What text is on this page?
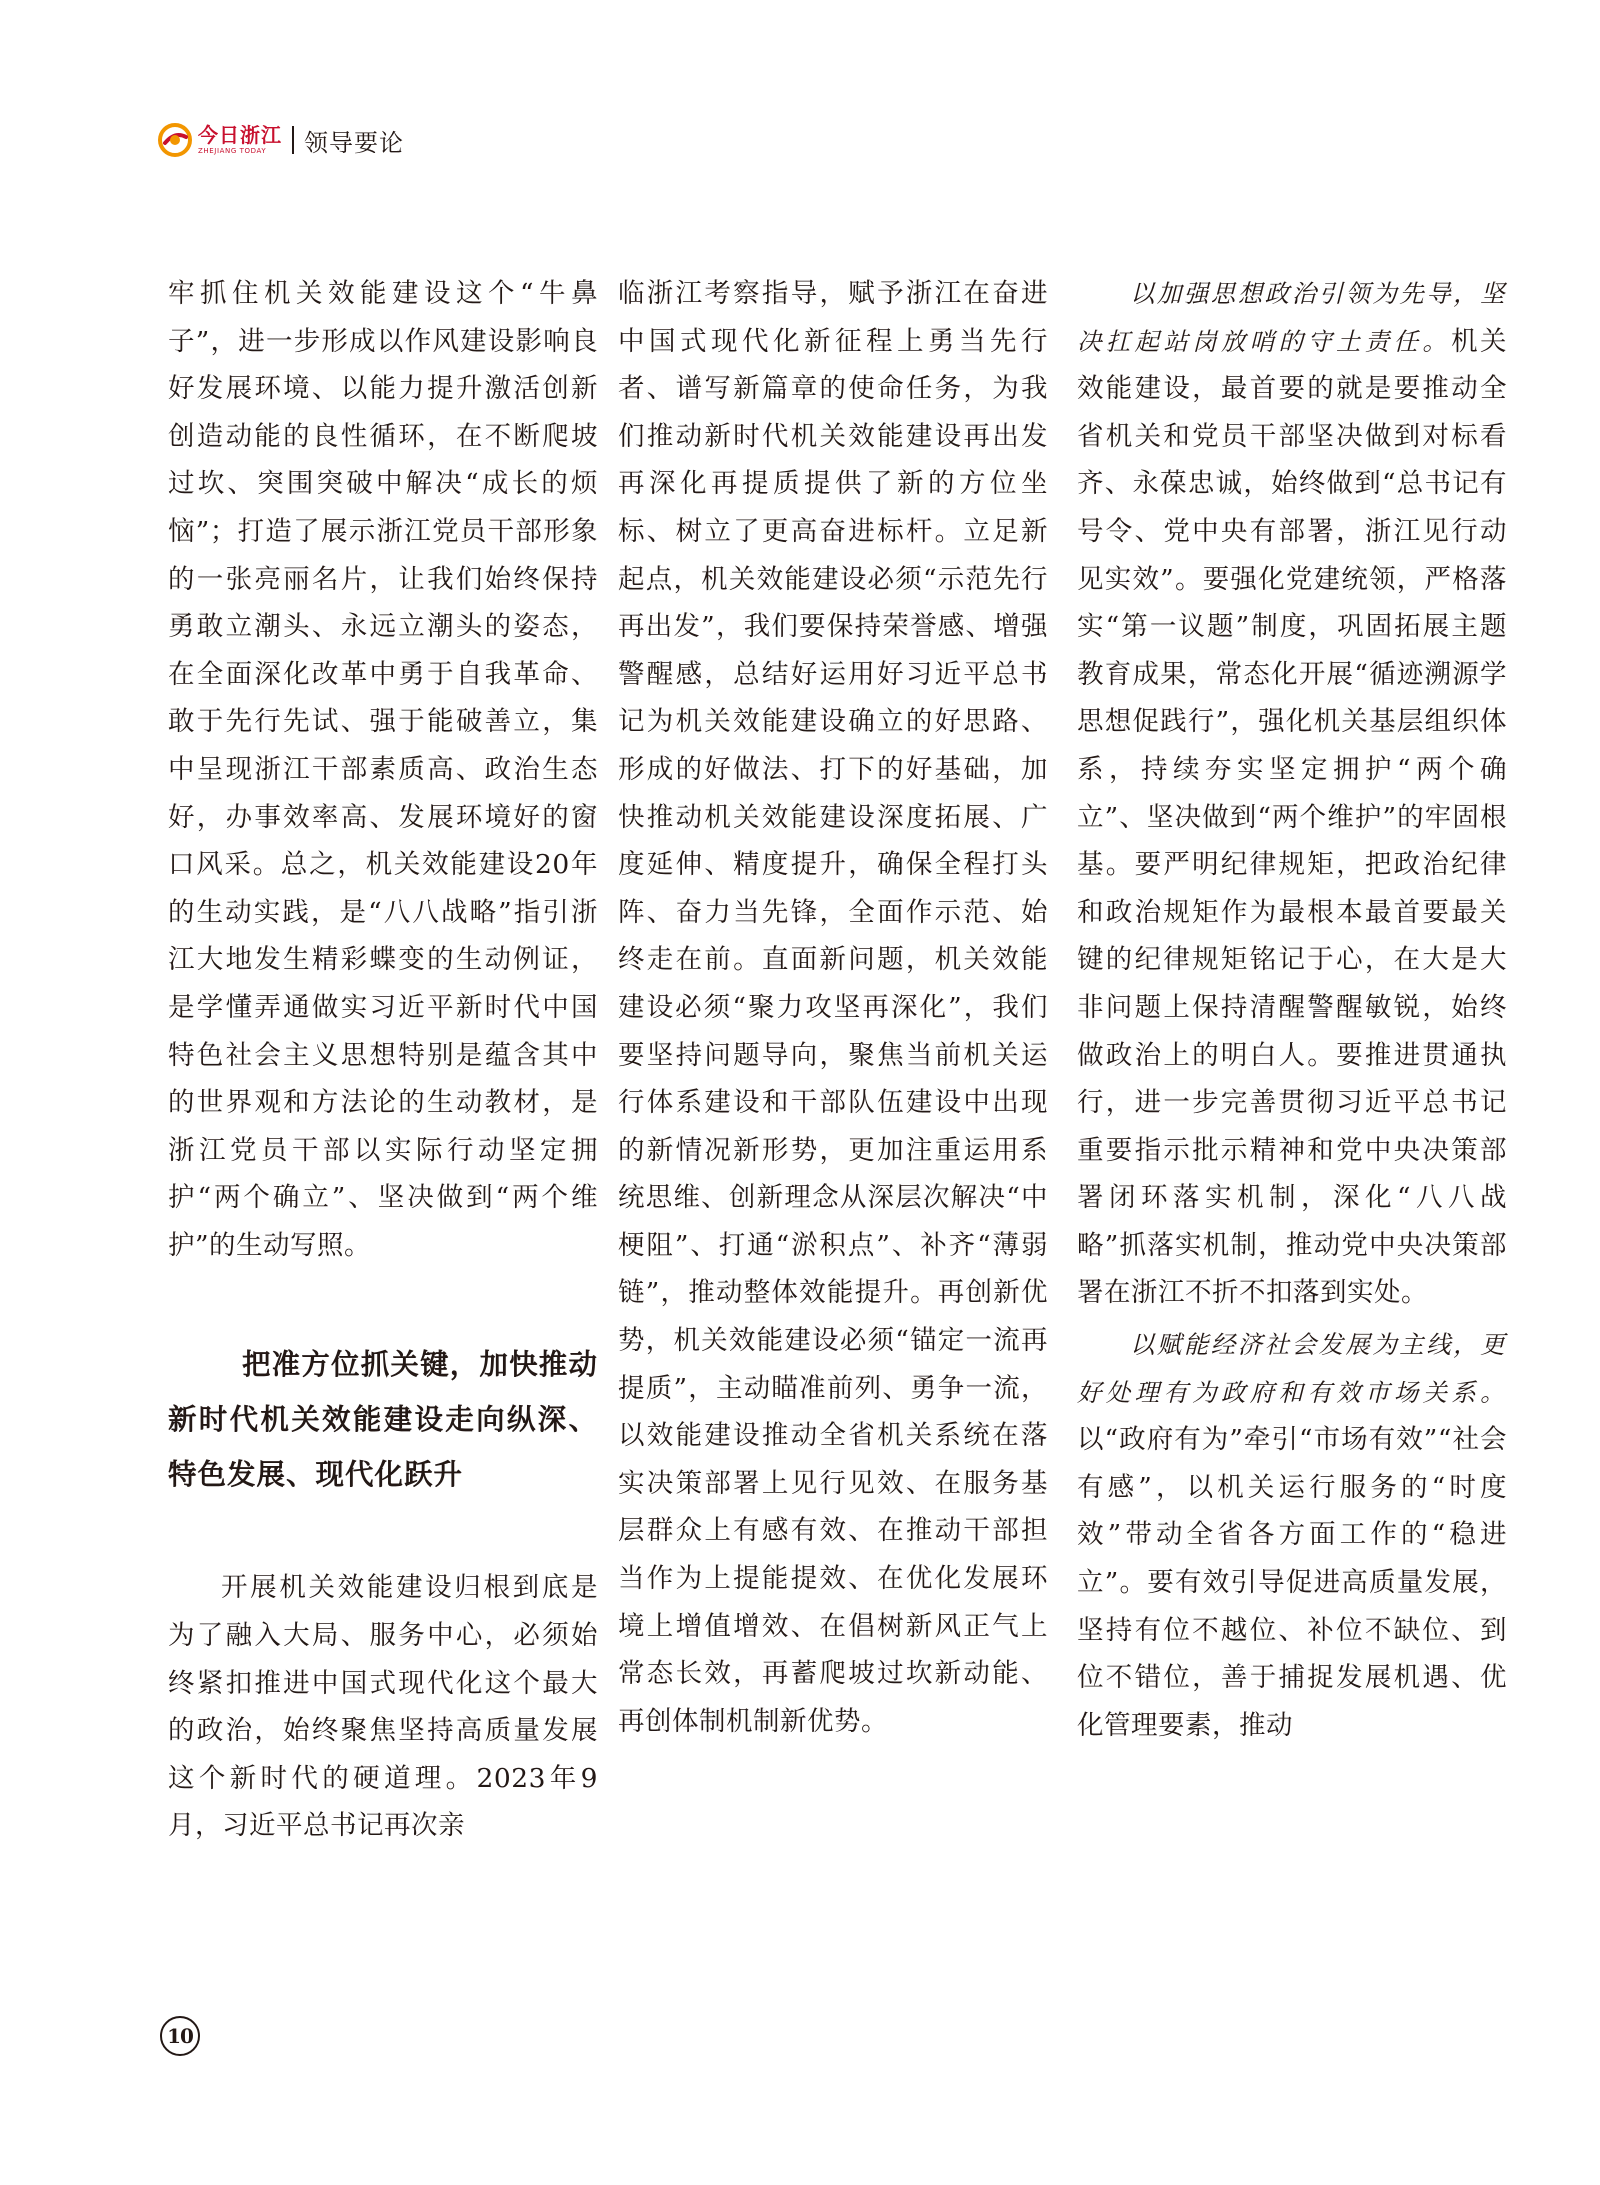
今日浙江
ZHEJIANG TODAY	领导要论

牢抓住机关效能建设这个“牛鼻子”，进一步形成以作风建设影响良好发展环境、以能力提升激活创新创造动能的良性循环，在不断爬坡过坎、突围突破中解决“成长的烦恼”；打造了展示浙江党员干部形象的一张亮丽名片，让我们始终保持勇敢立潮头、永远立潮头的姿态，在全面深化改革中勇于自我革命、敢于先行先试、强于能破善立，集中呈现浙江干部素质高、政治生态好，办事效率高、发展环境好的窗口风采。总之，机关效能建设20年的生动实践，是“八八战略”指引浙江大地发生精彩蝶变的生动例证，是学懂弄通做实习近平新时代中国特色社会主义思想特别是蕴含其中的世界观和方法论的生动教材，是浙江党员干部以实际行动坚定拥护“两个确立”、坚决做到“两个维护”的生动写照。

把准方位抓关键，加快推动新时代机关效能建设走向纵深、特色发展、现代化跃升

开展机关效能建设归根到底是为了融入大局、服务中心，必须始终紧扣推进中国式现代化这个最大的政治，始终聚焦坚持高质量发展这个新时代的硬道理。2023年9月，习近平总书记再次亲

临浙江考察指导，赋予浙江在奋进中国式现代化新征程上勇当先行者、谱写新篇章的使命任务，为我们推动新时代机关效能建设再出发再深化再提质提供了新的方位坐标、树立了更高奋进标杆。立足新起点，机关效能建设必须“示范先行再出发”，我们要保持荣誉感、增强警醒感，总结好运用好习近平总书记为机关效能建设确立的好思路、形成的好做法、打下的好基础，加快推动机关效能建设深度拓展、广度延伸、精度提升，确保全程打头阵、奋力当先锋，全面作示范、始终走在前。直面新问题，机关效能建设必须“聚力攻坚再深化”，我们要坚持问题导向，聚焦当前机关运行体系建设和干部队伍建设中出现的新情况新形势，更加注重运用系统思维、创新理念从深层次解决“中梗阻”、打通“淤积点”、补齐“薄弱链”，推动整体效能提升。再创新优势，机关效能建设必须“锚定一流再提质”，主动瞄准前列、勇争一流，以效能建设推动全省机关系统在落实决策部署上见行见效、在服务基层群众上有感有效、在推动干部担当作为上提能提效、在优化发展环境上增值增效、在倡树新风正气上常态长效，再蓄爬坡过坎新动能、再创体制机制新优势。

以加强思想政治引领为先导，坚决扛起站岗放哨的守土责任。机关效能建设，最首要的就是要推动全省机关和党员干部坚决做到对标看齐、永葆忠诚，始终做到“总书记有号令、党中央有部署，浙江见行动见实效”。要强化党建统领，严格落实“第一议题”制度，巩固拓展主题教育成果，常态化开展“循迹溯源学思想促践行”，强化机关基层组织体系，持续夯实坚定拥护“两个确立”、坚决做到“两个维护”的牢固根基。要严明纪律规矩，把政治纪律和政治规矩作为最根本最首要最关键的纪律规矩铭记于心，在大是大非问题上保持清醒警醒敏锐，始终做政治上的明白人。要推进贯通执行，进一步完善贯彻习近平总书记重要指示批示精神和党中央决策部署闭环落实机制，深化“八八战略”抓落实机制，推动党中央决策部署在浙江不折不扣落到实处。

以赋能经济社会发展为主线，更好处理有为政府和有效市场关系。以“政府有为”牵引“市场有效”“社会有感”，以机关运行服务的“时度效”带动全省各方面工作的“稳进立”。要有效引导促进高质量发展，坚持有位不越位、补位不缺位、到位不错位，善于捕捉发展机遇、优化管理要素，推动

10
